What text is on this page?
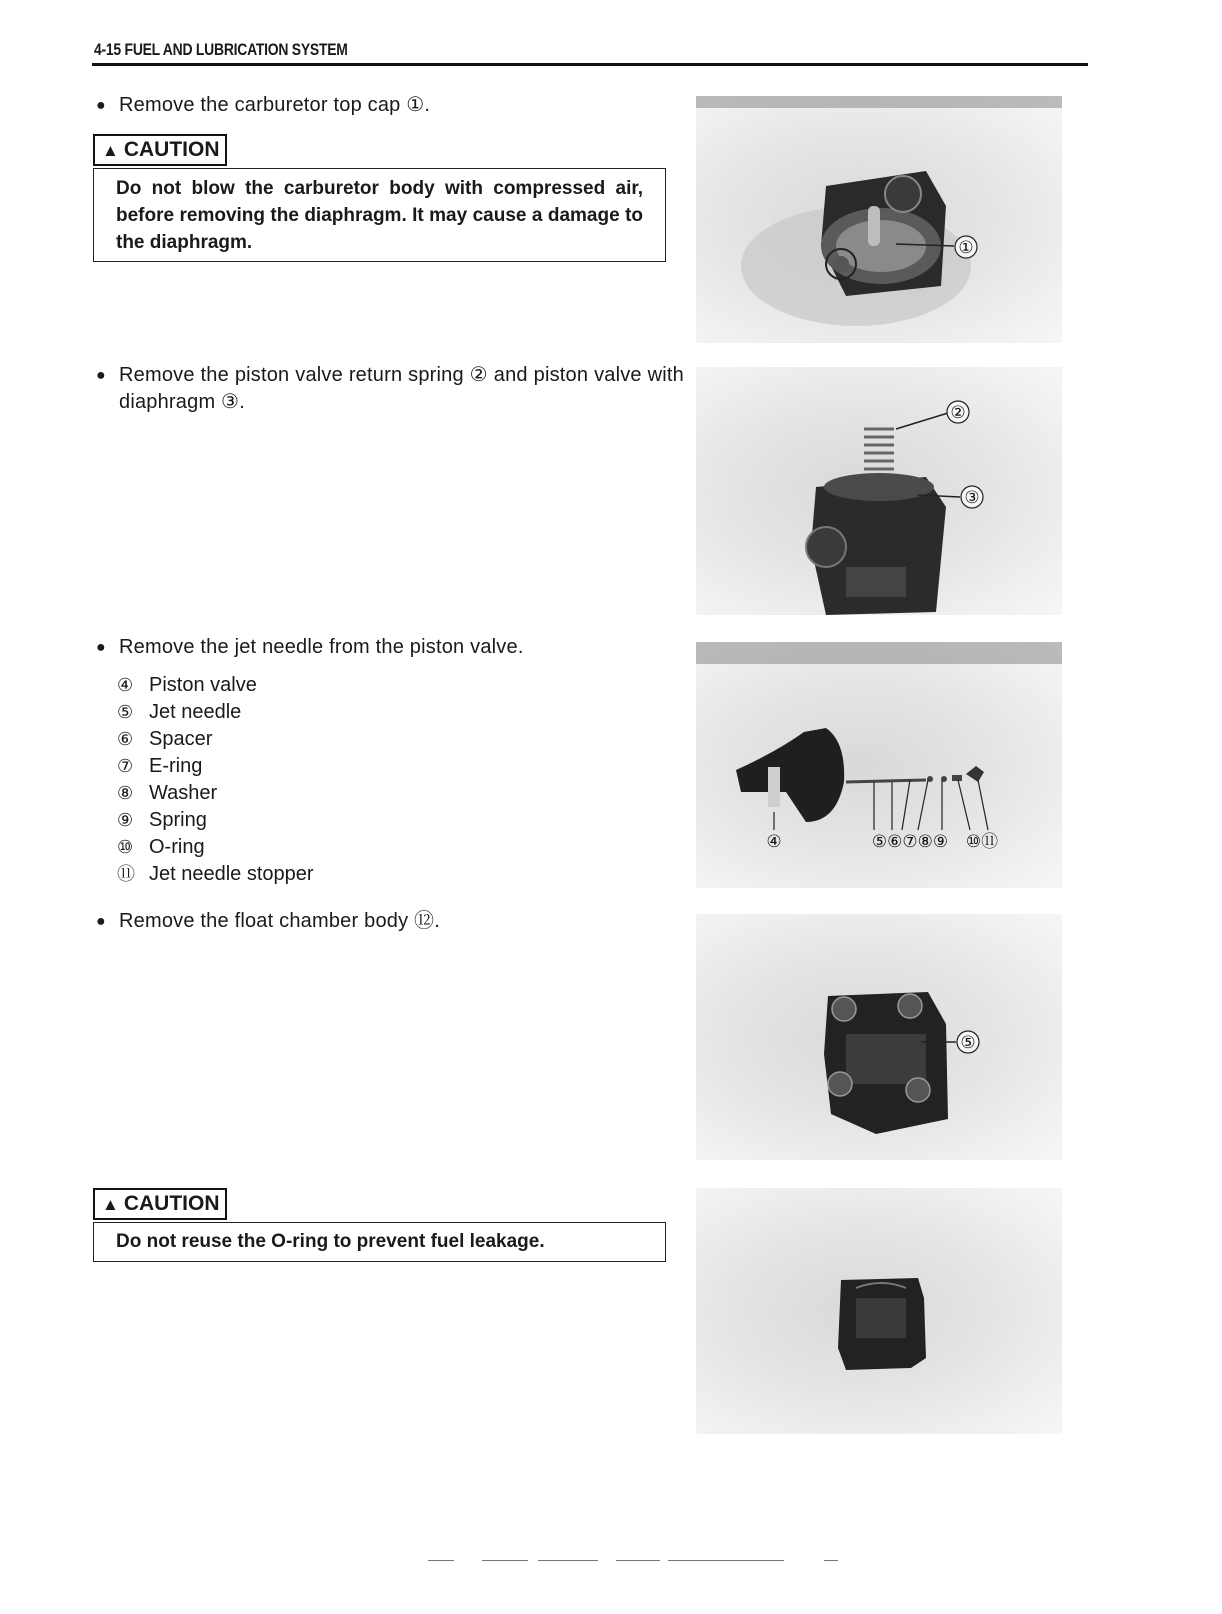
4-15 FUEL AND LUBRICATION SYSTEM
● Remove the carburetor top cap ①.
▲ CAUTION
Do not blow the carburetor body with compressed air, before removing the diaphragm. It may cause a damage to the diaphragm.
● Remove the piston valve return spring ② and piston valve with diaphragm ③.
● Remove the jet needle from the piston valve.
④ Piston valve
⑤ Jet needle
⑥ Spacer
⑦ E-ring
⑧ Washer
⑨ Spring
⑩ O-ring
⑪ Jet needle stopper
● Remove the float chamber body ⑫.
▲ CAUTION
Do not reuse the O-ring to prevent fuel leakage.
①
②
③
④	⑤⑥⑦⑧⑨ ⑩⑪
⑤
